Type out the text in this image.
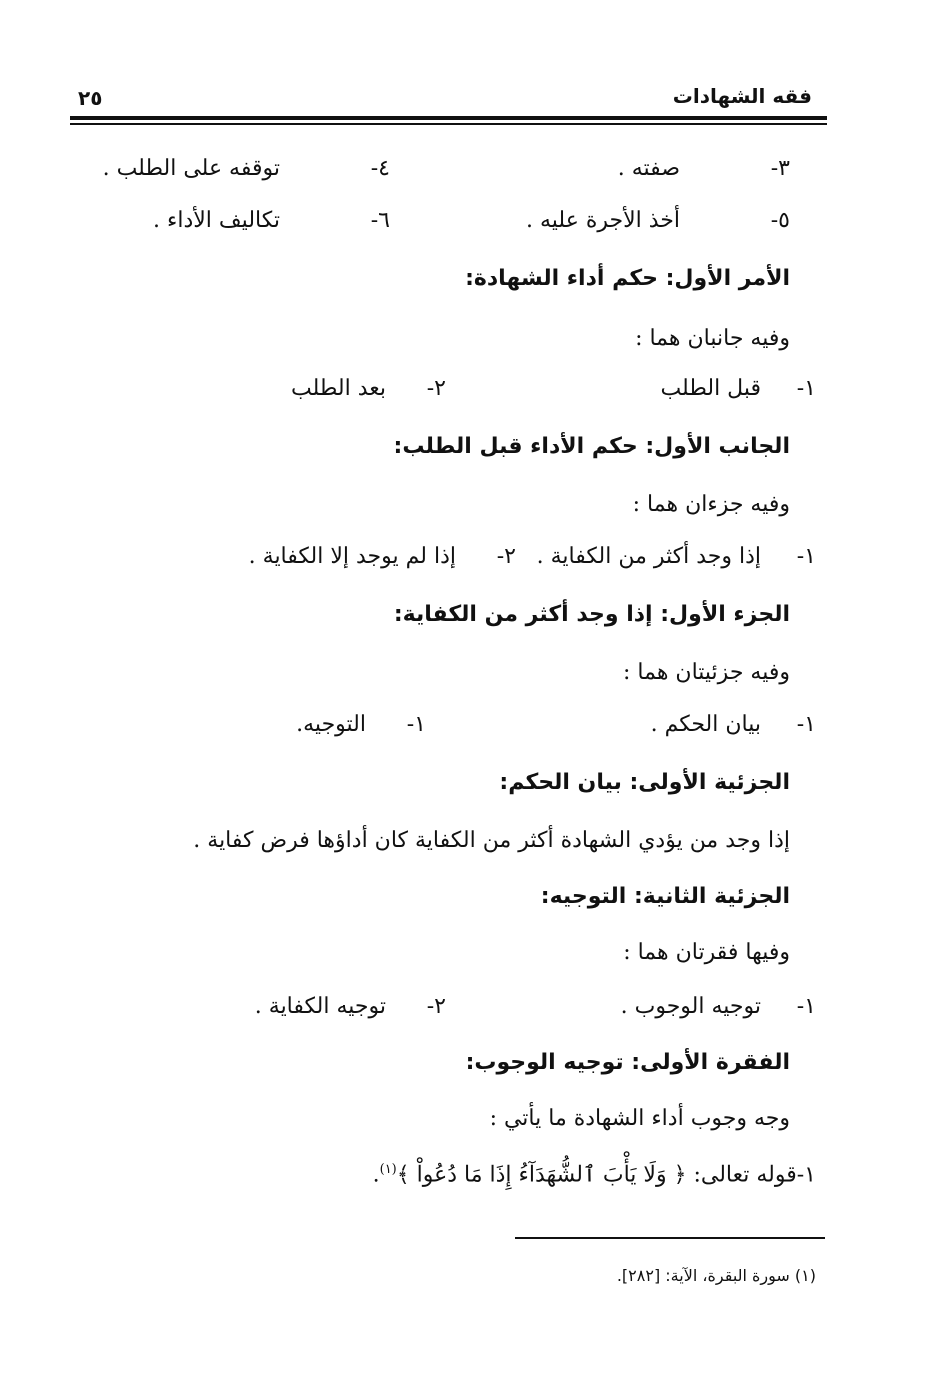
فقه الشهادات
٢٥
٣-
صفته .
٤-
توقفه على الطلب .
٥-
أخذ الأجرة عليه .
٦-
تكاليف الأداء .
الأمر الأول: حكم أداء الشهادة:
وفيه جانبان هما :
١-
قبل الطلب
٢-
بعد الطلب
الجانب الأول: حكم الأداء قبل الطلب:
وفيه جزءان هما :
١-
إذا وجد أكثر من الكفاية .
٢-
إذا لم يوجد إلا الكفاية .
الجزء الأول: إذا وجد أكثر من الكفاية:
وفيه جزئيتان هما :
١-
بيان الحكم .
١-
التوجيه.
الجزئية الأولى: بيان الحكم:
إذا وجد من يؤدي الشهادة أكثر من الكفاية كان أداؤها فرض كفاية .
الجزئية الثانية: التوجيه:
وفيها فقرتان هما :
١-
توجيه الوجوب .
٢-
توجيه الكفاية .
الفقرة الأولى: توجيه الوجوب:
وجه وجوب أداء الشهادة ما يأتي :
١-قوله تعالى: ﴿ وَلَا يَأْبَ ٱلشُّهَدَآءُ إِذَا مَا دُعُواْ ﴾$^{(١)}$.
(١) سورة البقرة، الآية: [٢٨٢].
